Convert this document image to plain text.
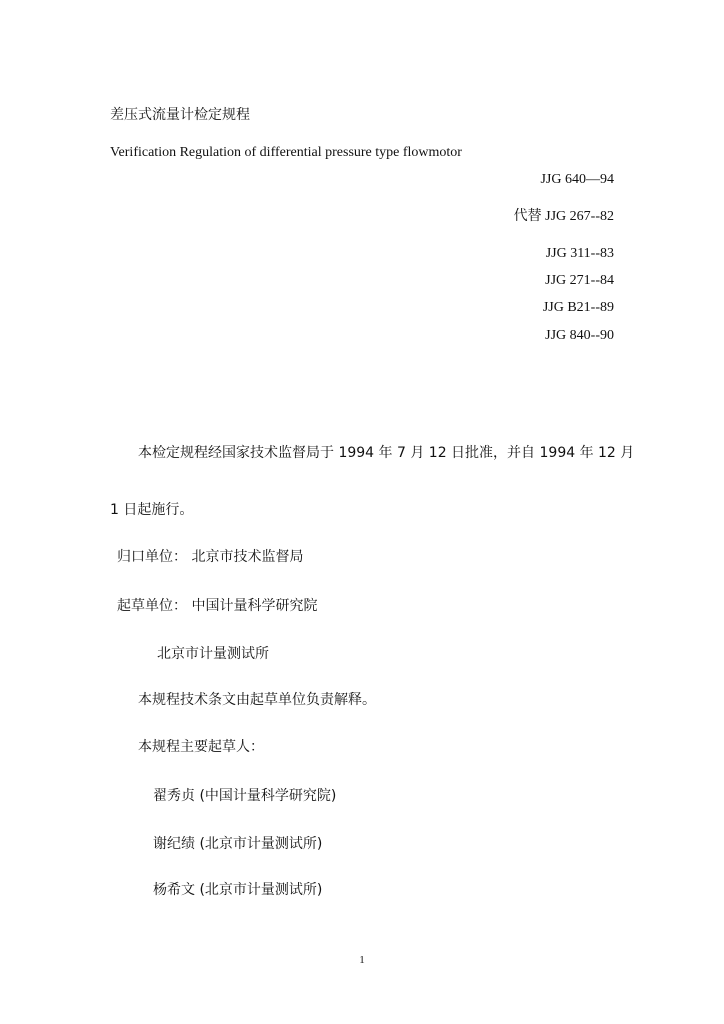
差压式流量计检定规程
Verification Regulation of differential pressure type flowmotor
JJG 640—94
代替 JJG 267--82
JJG 311--83
JJG 271--84
JJG B21--89
JJG 840--90
本检定规程经国家技术监督局于 1994 年 7 月 12 日批准，并自 1994 年 12 月
1 日起施行。
归口单位： 北京市技术监督局
起草单位： 中国计量科学研究院
北京市计量测试所
本规程技术条文由起草单位负责解释。
本规程主要起草人：
翟秀贞 (中国计量科学研究院)
谢纪绩 (北京市计量测试所)
杨希文 (北京市计量测试所)
1
